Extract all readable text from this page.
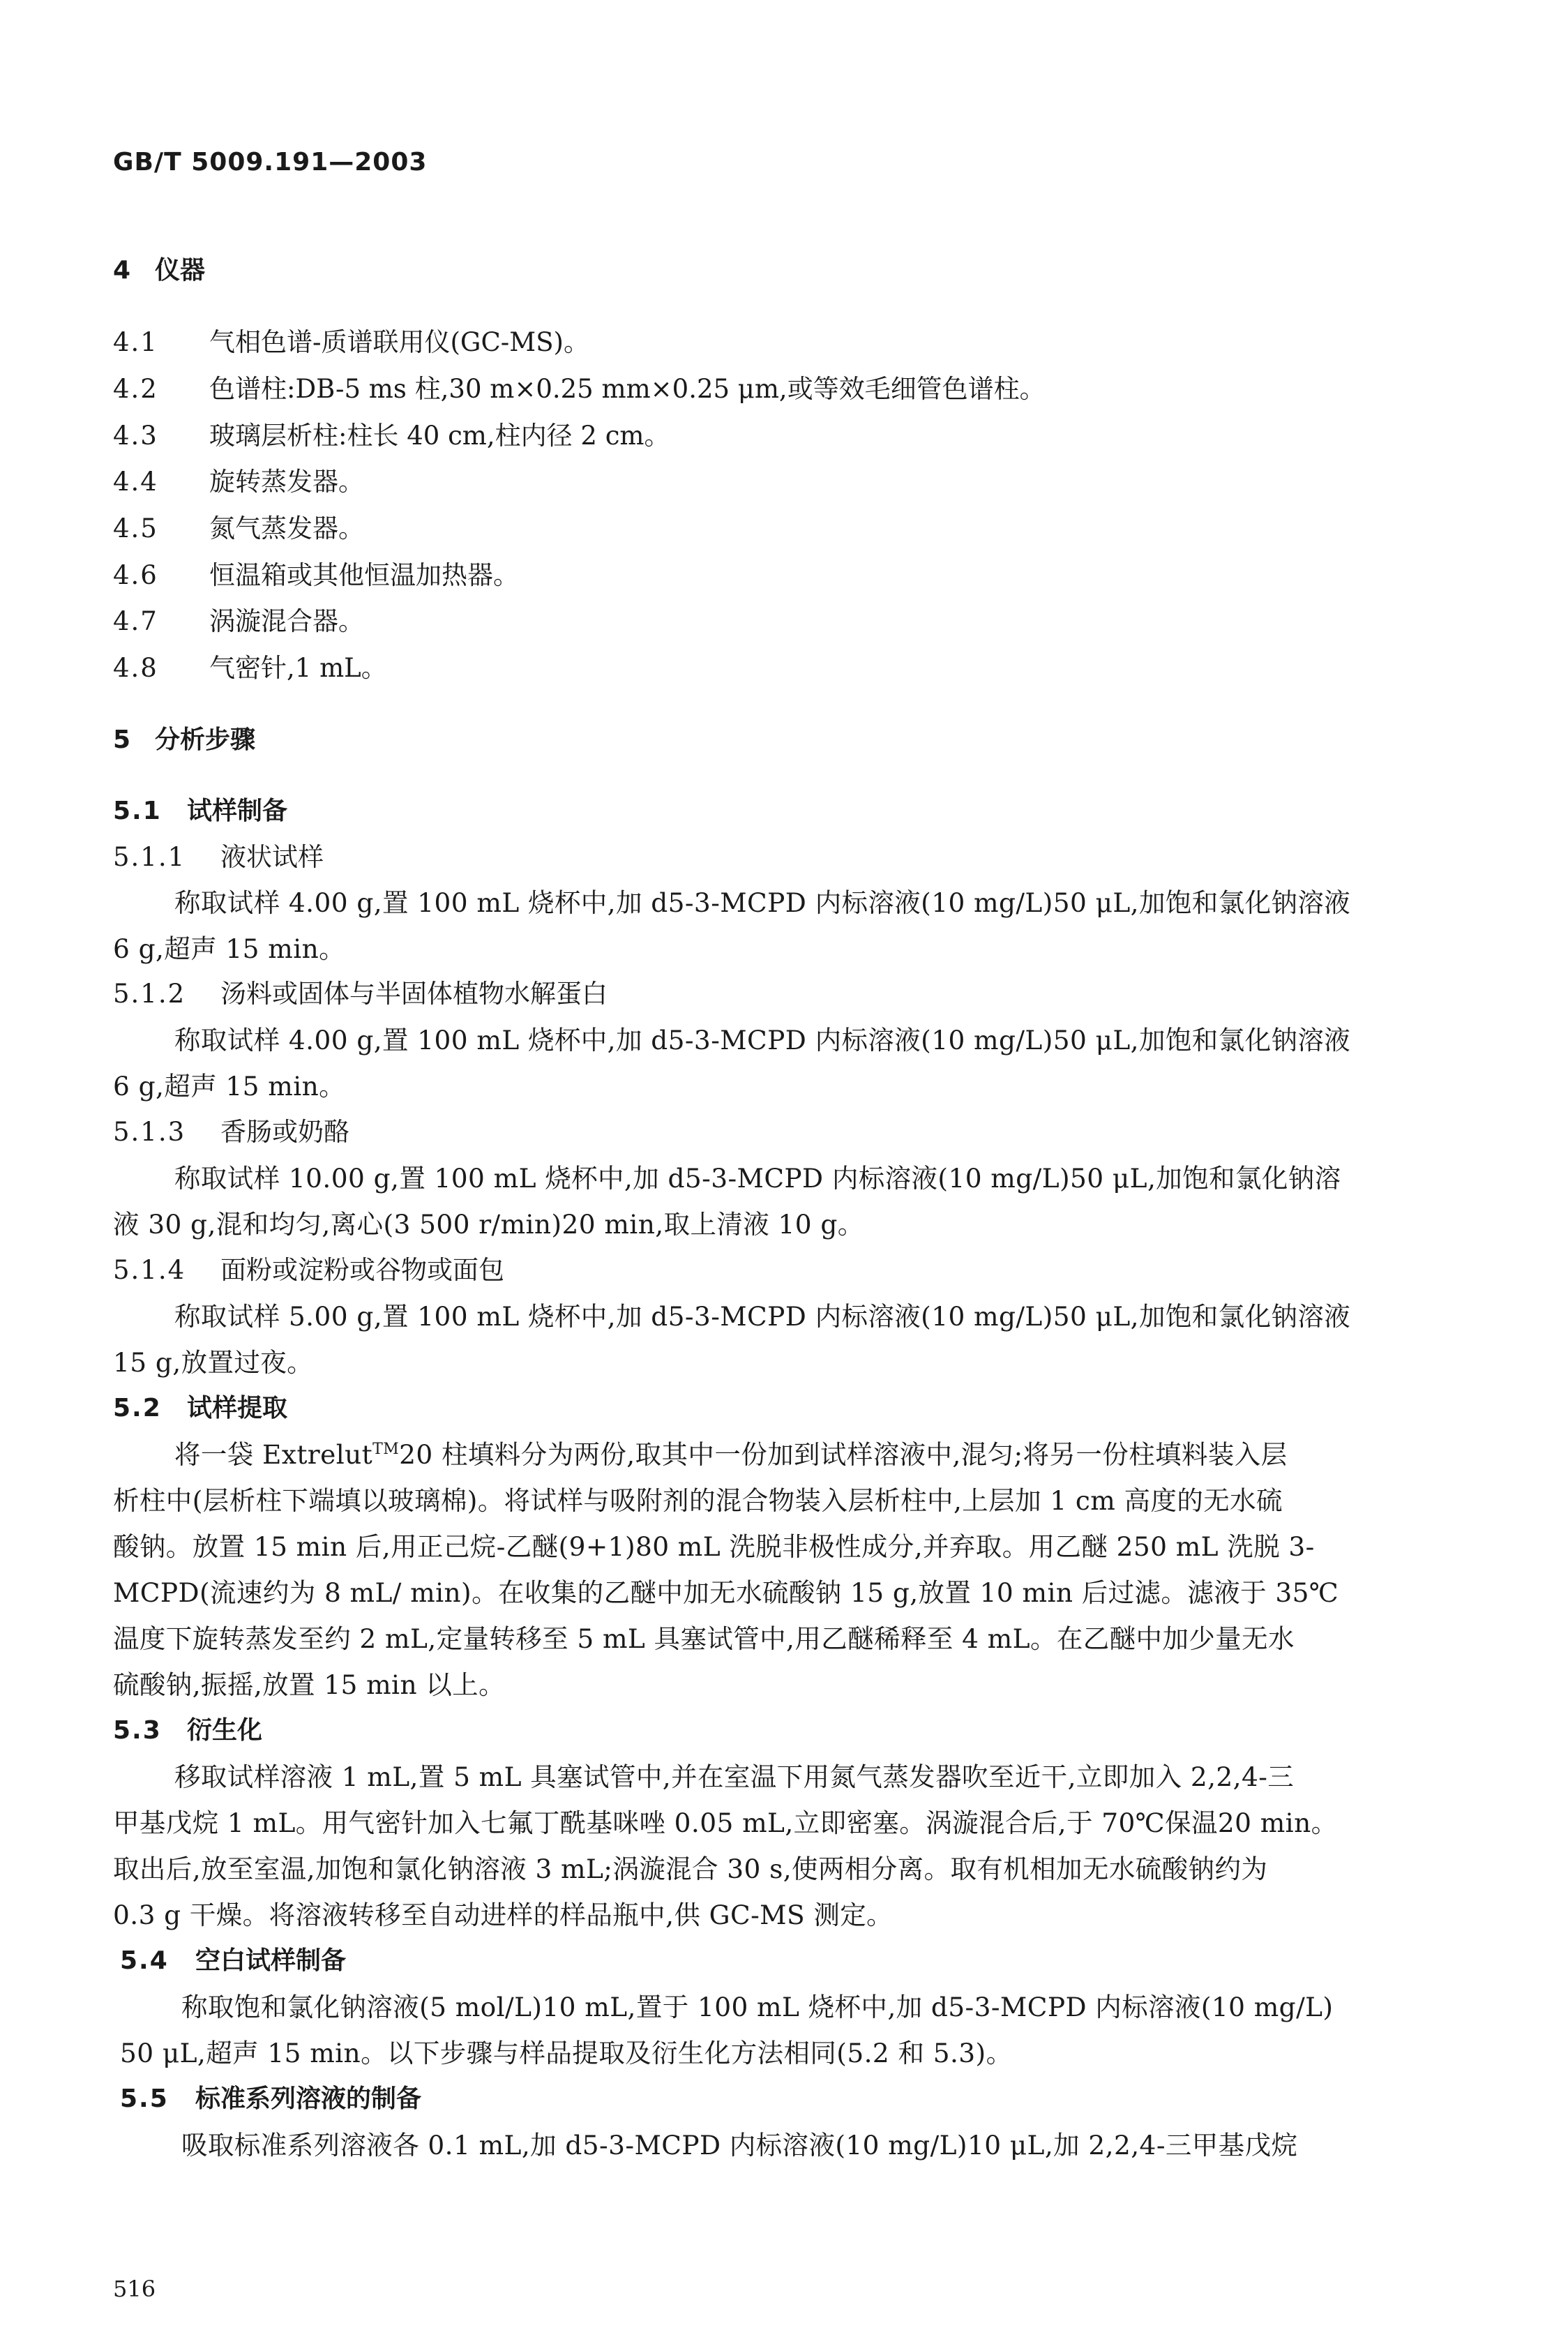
GB/T 5009.191—2003
4 仪器
4.1 气相色谱-质谱联用仪(GC-MS)。
4.2 色谱柱:DB-5 ms 柱,30 m×0.25 mm×0.25 μm,或等效毛细管色谱柱。
4.3 玻璃层析柱:柱长 40 cm,柱内径 2 cm。
4.4 旋转蒸发器。
4.5 氮气蒸发器。
4.6 恒温箱或其他恒温加热器。
4.7 涡漩混合器。
4.8 气密针,1 mL。
5 分析步骤
5.1 试样制备
5.1.1 液状试样
称取试样 4.00 g,置 100 mL 烧杯中,加 d5-3-MCPD 内标溶液(10 mg/L)50 μL,加饱和氯化钠溶液
6 g,超声 15 min。
5.1.2 汤料或固体与半固体植物水解蛋白
称取试样 4.00 g,置 100 mL 烧杯中,加 d5-3-MCPD 内标溶液(10 mg/L)50 μL,加饱和氯化钠溶液
6 g,超声 15 min。
5.1.3 香肠或奶酪
称取试样 10.00 g,置 100 mL 烧杯中,加 d5-3-MCPD 内标溶液(10 mg/L)50 μL,加饱和氯化钠溶
液 30 g,混和均匀,离心(3 500 r/min)20 min,取上清液 10 g。
5.1.4 面粉或淀粉或谷物或面包
称取试样 5.00 g,置 100 mL 烧杯中,加 d5-3-MCPD 内标溶液(10 mg/L)50 μL,加饱和氯化钠溶液
15 g,放置过夜。
5.2 试样提取
将一袋 Extrelut™20 柱填料分为两份,取其中一份加到试样溶液中,混匀;将另一份柱填料装入层
析柱中(层析柱下端填以玻璃棉)。将试样与吸附剂的混合物装入层析柱中,上层加 1 cm 高度的无水硫
酸钠。放置 15 min 后,用正己烷-乙醚(9+1)80 mL 洗脱非极性成分,并弃取。用乙醚 250 mL 洗脱 3-
MCPD(流速约为 8 mL/ min)。在收集的乙醚中加无水硫酸钠 15 g,放置 10 min 后过滤。滤液于 35℃
温度下旋转蒸发至约 2 mL,定量转移至 5 mL 具塞试管中,用乙醚稀释至 4 mL。在乙醚中加少量无水
硫酸钠,振摇,放置 15 min 以上。
5.3 衍生化
移取试样溶液 1 mL,置 5 mL 具塞试管中,并在室温下用氮气蒸发器吹至近干,立即加入 2,2,4-三
甲基戊烷 1 mL。用气密针加入七氟丁酰基咪唑 0.05 mL,立即密塞。涡漩混合后,于 70℃保温20 min。
取出后,放至室温,加饱和氯化钠溶液 3 mL;涡漩混合 30 s,使两相分离。取有机相加无水硫酸钠约为
0.3 g 干燥。将溶液转移至自动进样的样品瓶中,供 GC-MS 测定。
5.4 空白试样制备
称取饱和氯化钠溶液(5 mol/L)10 mL,置于 100 mL 烧杯中,加 d5-3-MCPD 内标溶液(10 mg/L)
50 μL,超声 15 min。以下步骤与样品提取及衍生化方法相同(5.2 和 5.3)。
5.5 标准系列溶液的制备
吸取标准系列溶液各 0.1 mL,加 d5-3-MCPD 内标溶液(10 mg/L)10 μL,加 2,2,4-三甲基戊烷
516
